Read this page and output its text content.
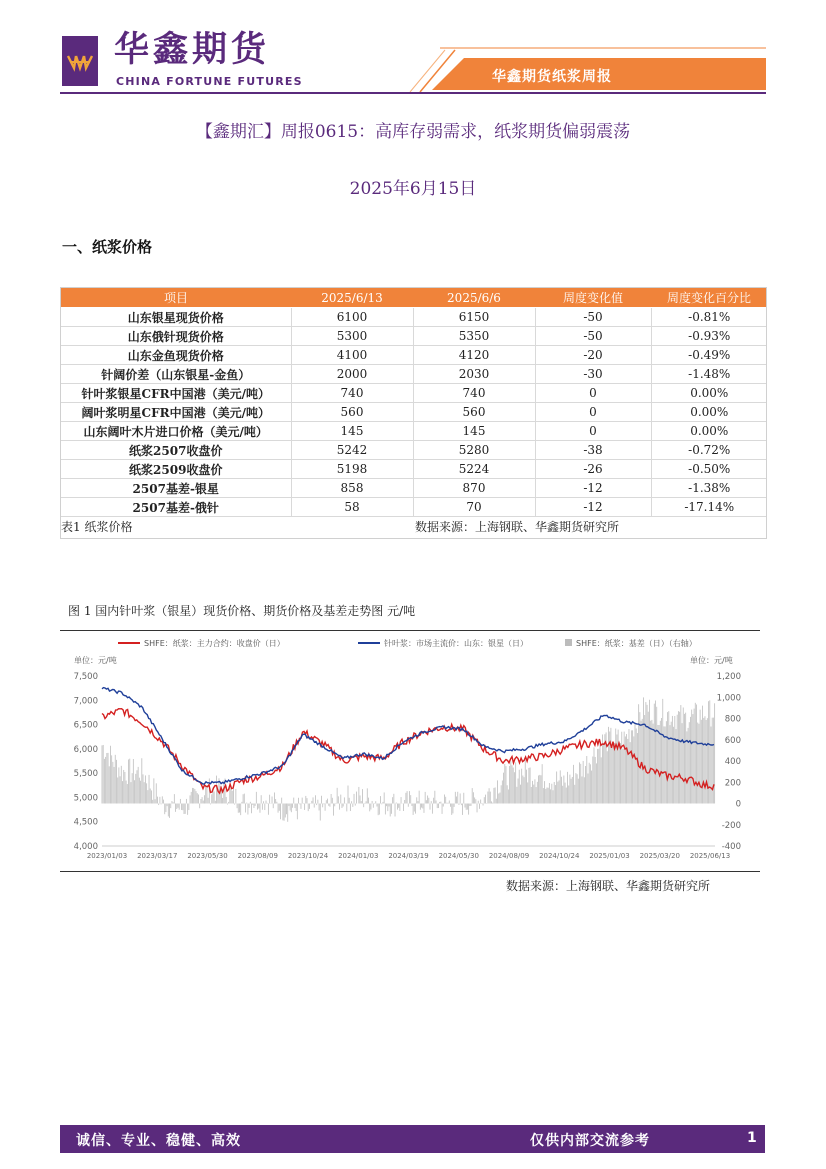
华鑫期货
CHINA FORTUNE FUTURES	华鑫期货纸浆周报
【鑫期汇】周报0615：高库存弱需求，纸浆期货偏弱震荡
2025年6月15日
一、纸浆价格
项目	2025/6/13	2025/6/6	周度变化值	周度变化百分比
山东银星现货价格	6100	6150	-50	-0.81%
山东俄针现货价格	5300	5350	-50	-0.93%
山东金鱼现货价格	4100	4120	-20	-0.49%
针阔价差（山东银星-金鱼）	2000	2030	-30	-1.48%
针叶浆银星CFR中国港（美元/吨）	740	740	0	0.00%
阔叶浆明星CFR中国港（美元/吨）	560	560	0	0.00%
山东阔叶木片进口价格（美元/吨）	145	145	0	0.00%
纸浆2507收盘价	5242	5280	-38	-0.72%
纸浆2509收盘价	5198	5224	-26	-0.50%
2507基差-银星	858	870	-12	-1.38%
2507基差-俄针	58	70	-12	-17.14%
表1 纸浆价格	数据来源：上海钢联、华鑫期货研究所
图 1 国内针叶浆（银星）现货价格、期货价格及基差走势图 元/吨
SHFE：纸浆：主力合约：收盘价（日）	针叶浆：市场主流价：山东：银星（日）	SHFE：纸浆：基差（日）（右轴）
单位：元/吨	单位：元/吨
4,000
4,500
5,000
5,500
6,000
6,500
7,000
7,500
-400
-200
0
200
400
600
800
1,000
1,200
2023/01/03 2023/03/17 2023/05/30 2023/08/09 2023/10/24 2024/01/03 2024/03/19 2024/05/30 2024/08/09 2024/10/24 2025/01/03 2025/03/20 2025/06/13
数据来源：上海钢联、华鑫期货研究所
诚信、专业、稳健、高效	仅供内部交流参考	1
